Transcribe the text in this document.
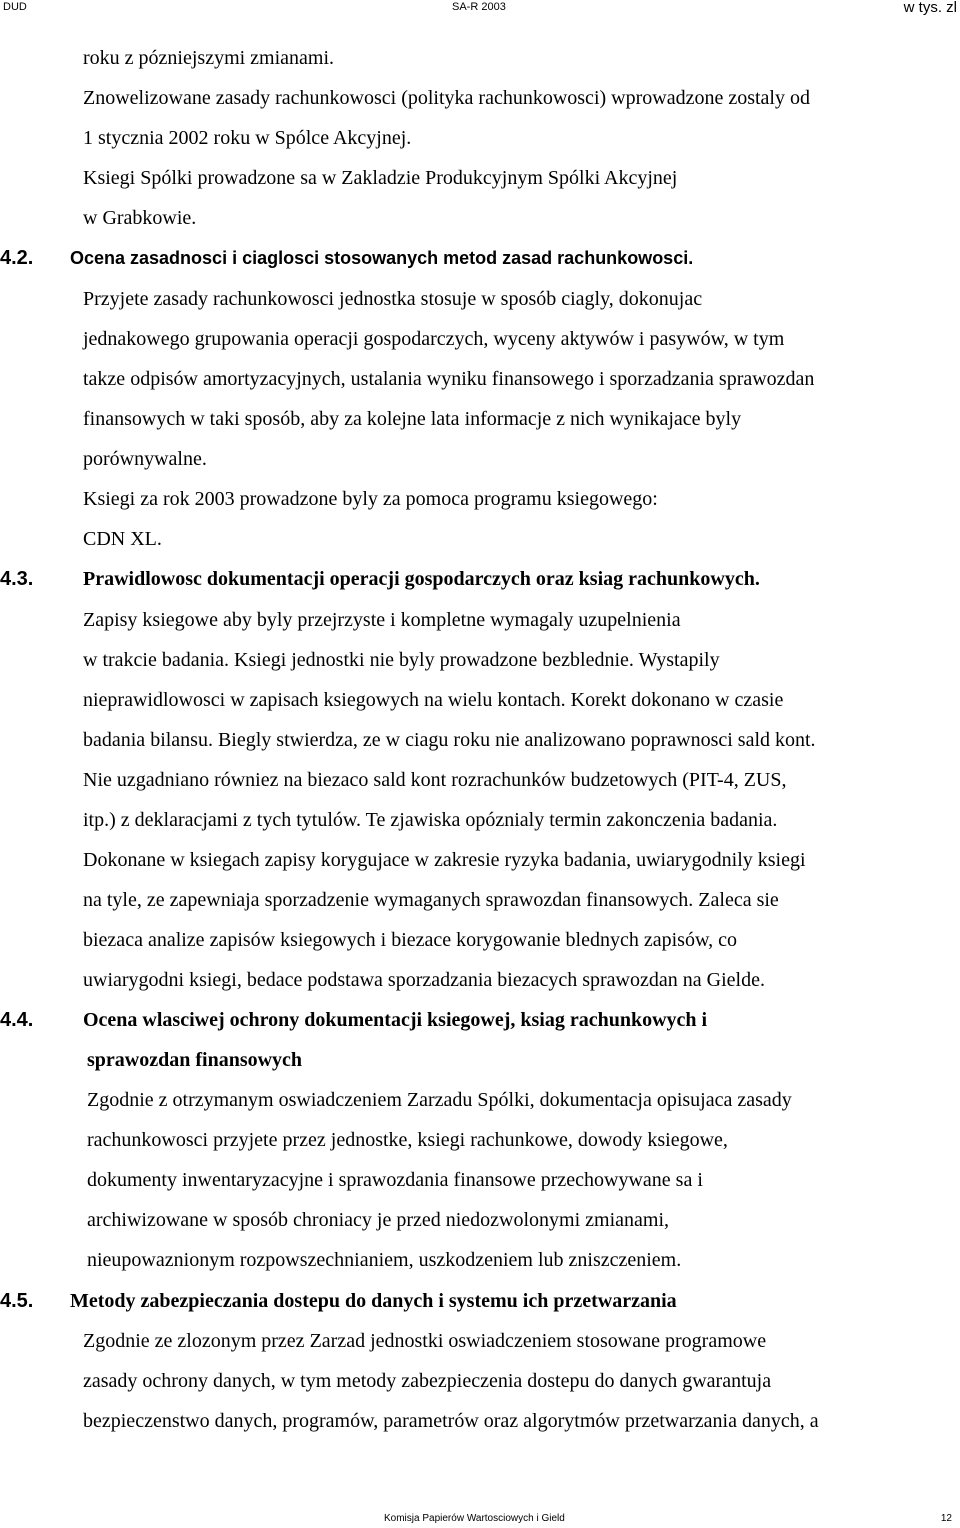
DUD	SA-R 2003	w tys. zl
roku z pózniejszymi zmianami.
Znowelizowane zasady rachunkowosci (polityka rachunkowosci) wprowadzone zostaly od
1 stycznia 2002 roku w Spólce Akcyjnej.
Ksiegi Spólki prowadzone sa w Zakladzie Produkcyjnym Spólki Akcyjnej
w Grabkowie.
4.2. Ocena zasadnosci i ciaglosci stosowanych metod zasad rachunkowosci.
Przyjete zasady rachunkowosci jednostka stosuje w sposób ciagly, dokonujac
jednakowego grupowania operacji gospodarczych, wyceny aktywów i pasywów, w tym
takze odpisów amortyzacyjnych, ustalania wyniku finansowego i sporzadzania sprawozdan
finansowych w taki sposób, aby za kolejne lata informacje z nich wynikajace byly
porównywalne.
Ksiegi za rok 2003 prowadzone byly za pomoca programu ksiegowego:
CDN XL.
4.3. Prawidlowosc dokumentacji operacji gospodarczych oraz ksiag rachunkowych.
Zapisy ksiegowe aby byly przejrzyste i kompletne wymagaly uzupelnienia
w trakcie badania. Ksiegi jednostki nie byly prowadzone bezblednie. Wystapily
nieprawidlowosci w zapisach ksiegowych na wielu kontach. Korekt dokonano w czasie
badania bilansu. Biegly stwierdza, ze w ciagu roku nie analizowano poprawnosci sald kont.
Nie uzgadniano równiez na biezaco sald kont rozrachunków budzetowych (PIT-4, ZUS,
itp.) z deklaracjami z tych tytulów. Te zjawiska opóznialy termin zakonczenia badania.
Dokonane w ksiegach zapisy korygujace w zakresie ryzyka badania, uwiarygodnily ksiegi
na tyle, ze zapewniaja sporzadzenie wymaganych sprawozdan finansowych. Zaleca sie
biezaca analize zapisów ksiegowych i biezace korygowanie blednych zapisów, co
uwiarygodni ksiegi, bedace podstawa sporzadzania biezacych sprawozdan na Gielde.
4.4. Ocena wlasciwej ochrony dokumentacji ksiegowej, ksiag rachunkowych i
sprawozdan finansowych
Zgodnie z otrzymanym oswiadczeniem Zarzadu Spólki, dokumentacja opisujaca zasady
rachunkowosci przyjete przez jednostke, ksiegi rachunkowe, dowody ksiegowe,
dokumenty inwentaryzacyjne i sprawozdania finansowe przechowywane sa i
archiwizowane w sposób chroniacy je przed niedozwolonymi zmianami,
nieupowaznionym rozpowszechnianiem, uszkodzeniem lub zniszczeniem.
4.5. Metody zabezpieczania dostepu do danych i systemu ich przetwarzania
Zgodnie ze zlozonym przez Zarzad jednostki oswiadczeniem stosowane programowe
zasady ochrony danych, w tym metody zabezpieczenia dostepu do danych gwarantuja
bezpieczenstwo danych, programów, parametrów oraz algorytmów przetwarzania danych, a
Komisja Papierów Wartosciowych i Gield	12
